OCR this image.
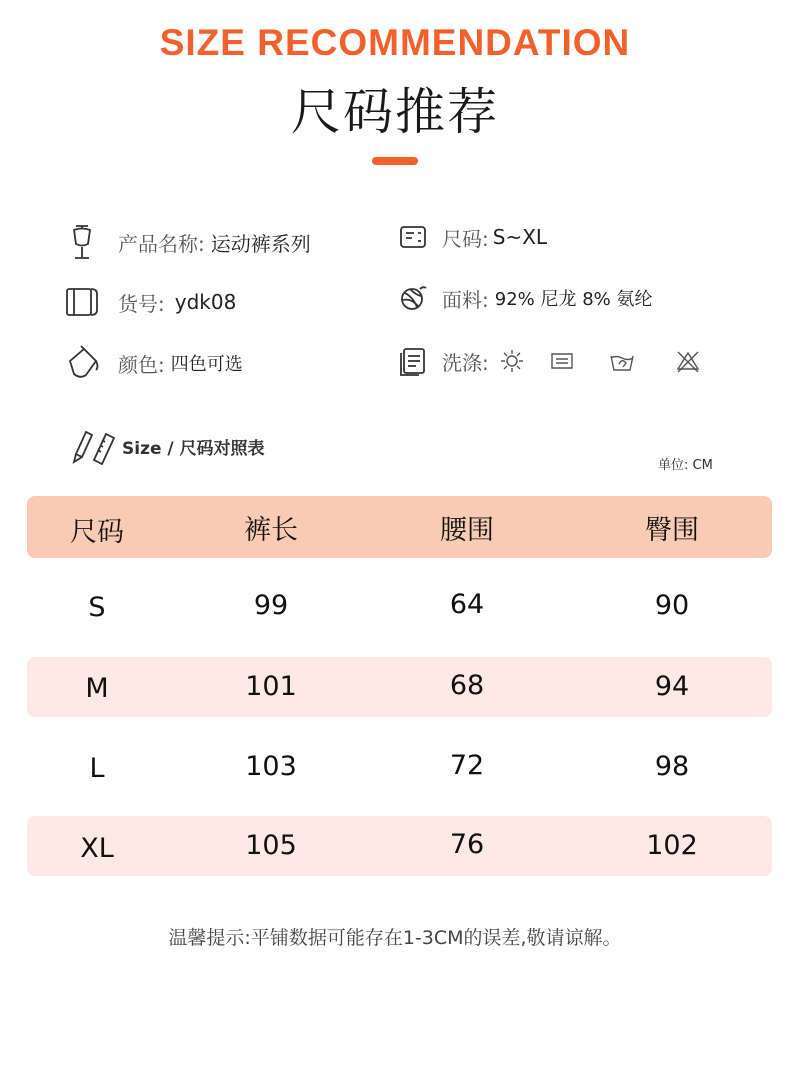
SIZE RECOMMENDATION
尺码推荐
产品名称: 运动裤系列	尺码: S~XL
货号: ydk08	面料: 92% 尼龙 8% 氨纶
颜色: 四色可选	洗涤:
Size / 尺码对照表
单位: CM
尺码	裤长	腰围	臀围
S	99	64	90
M	101	68	94
L	103	72	98
XL	105	76	102
温馨提示:平铺数据可能存在1-3CM的误差,敬请谅解。
